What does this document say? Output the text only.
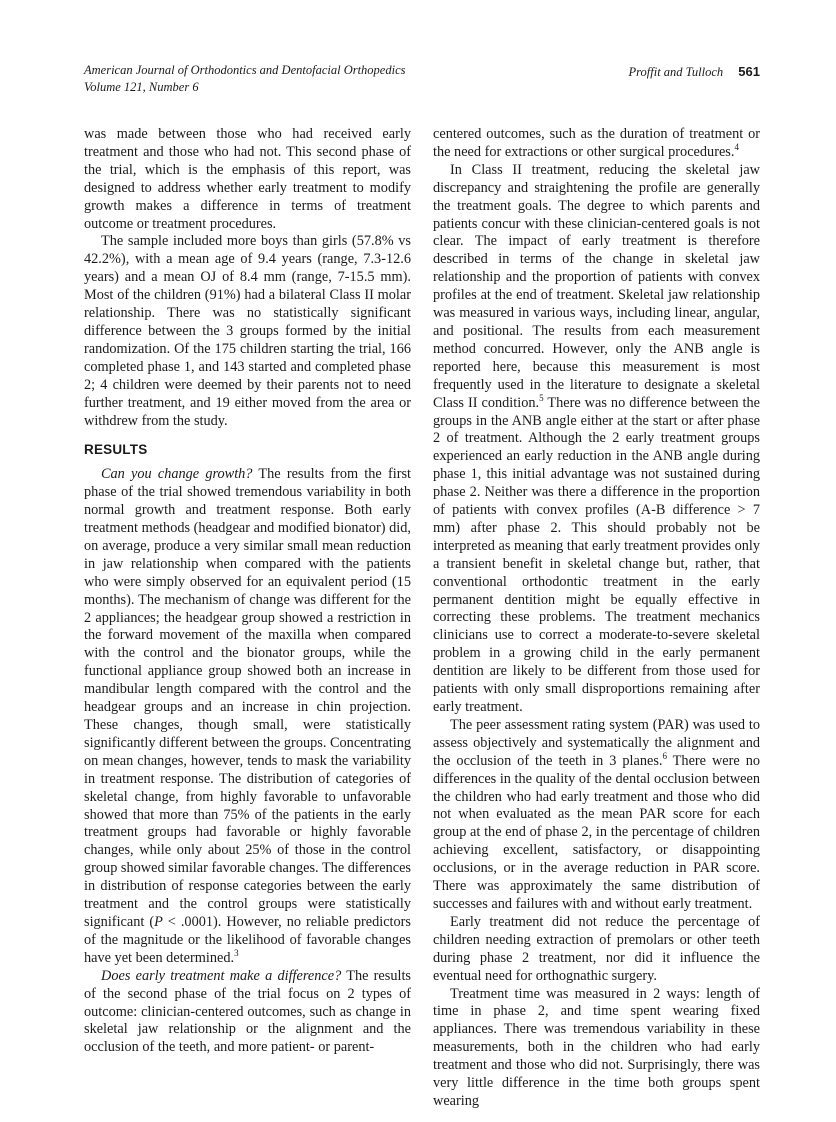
American Journal of Orthodontics and Dentofacial Orthopedics
Volume 121, Number 6
Proffit and Tulloch 561

was made between those who had received early treatment and those who had not. This second phase of the trial, which is the emphasis of this report, was designed to address whether early treatment to modify growth makes a difference in terms of treatment outcome or treatment procedures.

The sample included more boys than girls (57.8% vs 42.2%), with a mean age of 9.4 years (range, 7.3-12.6 years) and a mean OJ of 8.4 mm (range, 7-15.5 mm). Most of the children (91%) had a bilateral Class II molar relationship. There was no statistically significant difference between the 3 groups formed by the initial randomization. Of the 175 children starting the trial, 166 completed phase 1, and 143 started and completed phase 2; 4 children were deemed by their parents not to need further treatment, and 19 either moved from the area or withdrew from the study.

RESULTS

Can you change growth? The results from the first phase of the trial showed tremendous variability in both normal growth and treatment response. Both early treatment methods (headgear and modified bionator) did, on average, produce a very similar small mean reduction in jaw relationship when compared with the patients who were simply observed for an equivalent period (15 months). The mechanism of change was different for the 2 appliances; the headgear group showed a restriction in the forward movement of the maxilla when compared with the control and the bionator groups, while the functional appliance group showed both an increase in mandibular length compared with the control and the headgear groups and an increase in chin projection. These changes, though small, were statistically significantly different between the groups. Concentrating on mean changes, however, tends to mask the variability in treatment response. The distribution of categories of skeletal change, from highly favorable to unfavorable showed that more than 75% of the patients in the early treatment groups had favorable or highly favorable changes, while only about 25% of those in the control group showed similar favorable changes. The differences in distribution of response categories between the early treatment and the control groups were statistically significant (P < .0001). However, no reliable predictors of the magnitude or the likelihood of favorable changes have yet been determined.$^3$

Does early treatment make a difference? The results of the second phase of the trial focus on 2 types of outcome: clinician-centered outcomes, such as change in skeletal jaw relationship or the alignment and the occlusion of the teeth, and more patient- or parent-

centered outcomes, such as the duration of treatment or the need for extractions or other surgical procedures.$^4$

In Class II treatment, reducing the skeletal jaw discrepancy and straightening the profile are generally the treatment goals. The degree to which parents and patients concur with these clinician-centered goals is not clear. The impact of early treatment is therefore described in terms of the change in skeletal jaw relationship and the proportion of patients with convex profiles at the end of treatment. Skeletal jaw relationship was measured in various ways, including linear, angular, and positional. The results from each measurement method concurred. However, only the ANB angle is reported here, because this measurement is most frequently used in the literature to designate a skeletal Class II condition.$^5$ There was no difference between the groups in the ANB angle either at the start or after phase 2 of treatment. Although the 2 early treatment groups experienced an early reduction in the ANB angle during phase 1, this initial advantage was not sustained during phase 2. Neither was there a difference in the proportion of patients with convex profiles (A-B difference > 7 mm) after phase 2. This should probably not be interpreted as meaning that early treatment provides only a transient benefit in skeletal change but, rather, that conventional orthodontic treatment in the early permanent dentition might be equally effective in correcting these problems. The treatment mechanics clinicians use to correct a moderate-to-severe skeletal problem in a growing child in the early permanent dentition are likely to be different from those used for patients with only small disproportions remaining after early treatment.

The peer assessment rating system (PAR) was used to assess objectively and systematically the alignment and the occlusion of the teeth in 3 planes.$^6$ There were no differences in the quality of the dental occlusion between the children who had early treatment and those who did not when evaluated as the mean PAR score for each group at the end of phase 2, in the percentage of children achieving excellent, satisfactory, or disappointing occlusions, or in the average reduction in PAR score. There was approximately the same distribution of successes and failures with and without early treatment.

Early treatment did not reduce the percentage of children needing extraction of premolars or other teeth during phase 2 treatment, nor did it influence the eventual need for orthognathic surgery.

Treatment time was measured in 2 ways: length of time in phase 2, and time spent wearing fixed appliances. There was tremendous variability in these measurements, both in the children who had early treatment and those who did not. Surprisingly, there was very little difference in the time both groups spent wearing
